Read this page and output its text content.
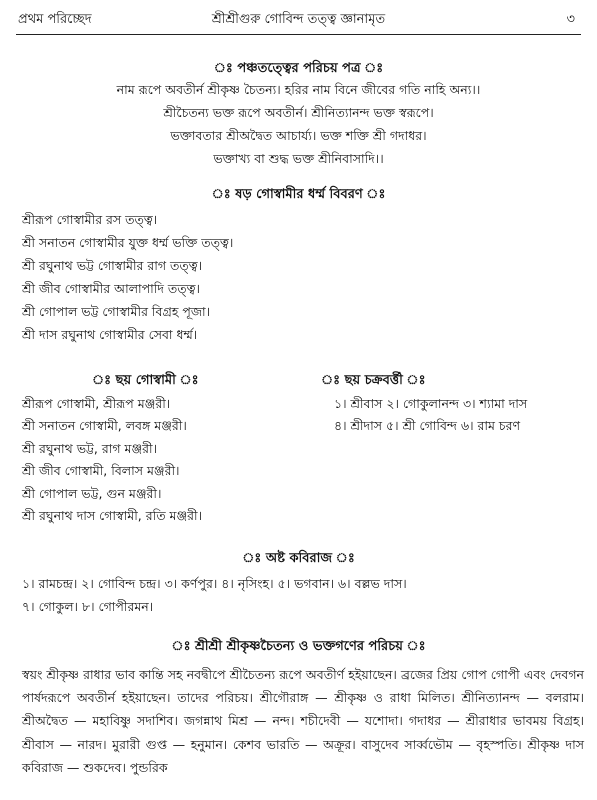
প্রথম পরিচ্ছেদ	শ্রীশ্রীগুরু গোবিন্দ তত্ত্ব জ্ঞানামৃত	৩
ঃ পঞ্চতত্ত্বের পরিচয় পত্র ঃ
নাম রূপে অবতীর্ন শ্রীকৃষ্ণ চৈতন্য। হরির নাম বিনে জীবের গতি নাহি অন্য।।
শ্রীচৈতন্য ভক্ত রূপে অবতীর্ন। শ্রীনিত্যানন্দ ভক্ত স্বরূপে।
ভক্তাবতার শ্রীঅদ্বৈত আচার্য্য। ভক্ত শক্তি শ্রী গদাধর।
ভক্তাখ্য বা শুদ্ধ ভক্ত শ্রীনিবাসাদি।।
ঃ ষড় গোস্বামীর ধর্ম্ম বিবরণ ঃ
শ্রীরূপ গোস্বামীর রস তত্ত্ব।
শ্রী সনাতন গোস্বামীর যুক্ত ধর্ম্ম ভক্তি তত্ত্ব।
শ্রী রঘুনাথ ভট্ট গোস্বামীর রাগ তত্ত্ব।
শ্রী জীব গোস্বামীর আলাপাদি তত্ত্ব।
শ্রী গোপাল ভট্ট গোস্বামীর বিগ্রহ পূজা।
শ্রী দাস রঘুনাথ গোস্বামীর সেবা ধর্ম্ম।
ঃ ছয় গোস্বামী ঃ
শ্রীরূপ গোস্বামী, শ্রীরূপ মঞ্জরী।
শ্রী সনাতন গোস্বামী, লবঙ্গ মঞ্জরী।
শ্রী রঘুনাথ ভট্ট, রাগ মঞ্জরী।
শ্রী জীব গোস্বামী, বিলাস মঞ্জরী।
শ্রী গোপাল ভট্ট, গুন মঞ্জরী।
শ্রী রঘুনাথ দাস গোস্বামী, রতি মঞ্জরী।
ঃ ছয় চক্রবর্ত্তী ঃ
১। শ্রীবাস ২। গোকুলানন্দ ৩। শ্যামা দাস
৪। শ্রীদাস ৫। শ্রী গোবিন্দ ৬। রাম চরণ
ঃ অষ্ট কবিরাজ ঃ
১। রামচন্দ্র। ২। গোবিন্দ চন্দ্র। ৩। কর্ণপুর। ৪। নৃসিংহ। ৫। ভগবান। ৬। বল্লভ দাস।
৭। গোকুল। ৮। গোপীরমন।
ঃ শ্রীশ্রী শ্রীকৃষ্ণচৈতন্য ও ভক্তগণের পরিচয় ঃ
স্বয়ং শ্রীকৃষ্ণ রাধার ভাব কান্তি সহ নবদ্বীপে শ্রীচৈতন্য রূপে অবতীর্ণ হইয়াছেন। ব্রজের প্রিয় গোপ গোপী এবং দেবগন পার্ষদরূপে অবতীর্ন হইয়াছেন। তাদের পরিচয়। শ্রীগৌরাঙ্গ — শ্রীকৃষ্ণ ও রাধা মিলিত। শ্রীনিত্যানন্দ — বলরাম। শ্রীঅদ্বৈত — মহাবিষ্ণু সদাশিব। জগন্নাথ মিশ্র — নন্দ। শচীদেবী — যশোদা। গদাধর — শ্রীরাধার ভাবময় বিগ্রহ। শ্রীবাস — নারদ। মুরারী গুপ্ত — হনুমান। কেশব ভারতি — অক্রূর। বাসুদেব সার্ব্বভৌম — বৃহস্পতি। শ্রীকৃষ্ণ দাস কবিরাজ — শুকদেব। পুন্ডরিক
